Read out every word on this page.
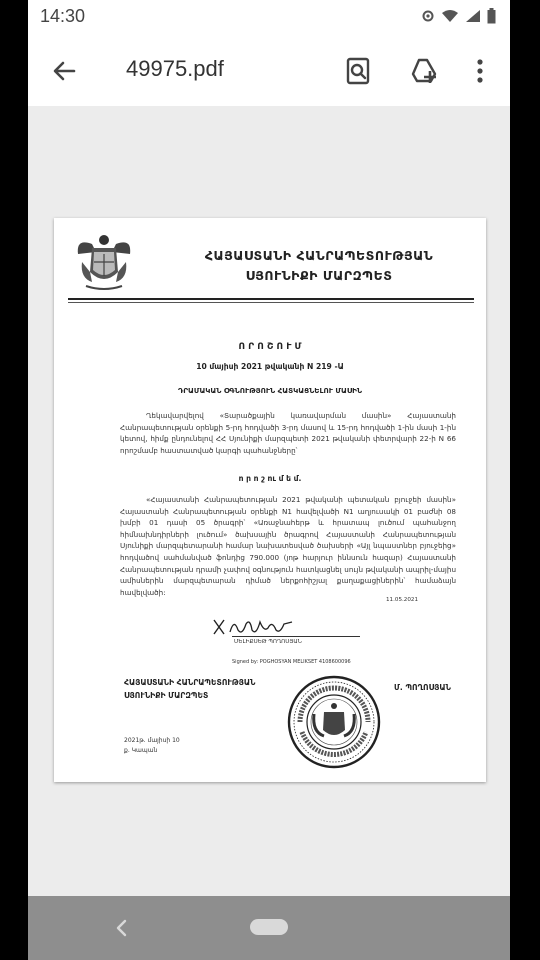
14:30
49975.pdf
ՀԱՅԱՍՏԱՆԻ ՀԱՆՐԱՊԵՏՈՒԹՅԱՆ
ՍՅՈՒՆԻՔԻ ՄԱՐԶՊԵՏ
Ո Ր Ո Շ Ո Ւ Մ
10 մայիսի 2021 թվականի N 219 -Ա
ԴՐԱՄԱԿԱՆ ՕԳՆՈՒԹՅՈՒՆ ՀԱՏԿԱՑՆԵԼՈՒ ՄԱՍԻՆ
Ղեկավարվելով «Տարածքային կառավարման մասին» Հայաստանի Հանրապետության օրենքի 5-րդ հոդվածի 3-րդ մասով և 15-րդ հոդվածի 1-ին մասի 1-ին կետով, հիմք ընդունելով ՀՀ Սյունիքի մարզպետի 2021 թվականի փետրվարի 22-ի N 66 որոշմամբ հաստատված կարգի պահանջները՝
ո ր ո շ ու մ ե մ.
«Հայաստանի Հանրապետության 2021 թվականի պետական բյուջեի մասին» Հայաստանի Հանրապետության օրենքի N1 հավելվածի N1 աղյուսակի 01 բաժնի 08 խմբի 01 դասի 05 ծրագրի՝ «Առաջնահերթ և հրատապ լուծում պահանջող հիմնախնդիրների լուծում» ծախսային ծրագրով Հայաստանի Հանրապետության Սյունիքի մարզպետարանի համար նախատեսված ծախսերի «Այլ նպաստներ բյուջեից» հոդվածով սահմանված ֆոնդից 790.000 (յոթ հարյուր իննսուն հազար) Հայաստանի Հանրապետության դրամի չափով օգնություն հատկացնել սույն թվականի ապրիլ-մայիս ամիսներին մարզպետարան դիմած ներքոհիշյալ քաղաքացիներին՝ համաձայն հավելվածի:
11.05.2021
ՄԵԼԻՔՍԵԹ ՊՈՂՈՍՅԱՆ
Signed by: POGHOSYAN MELIKSET 4108600096
ՀԱՅԱՍՏԱՆԻ ՀԱՆՐԱՊԵՏՈՒԹՅԱՆ
ՍՅՈՒՆԻՔԻ ՄԱՐԶՊԵՏ
Մ. ՊՈՂՈՍՅԱՆ
2021թ. մայիսի 10
ք. Կապան
